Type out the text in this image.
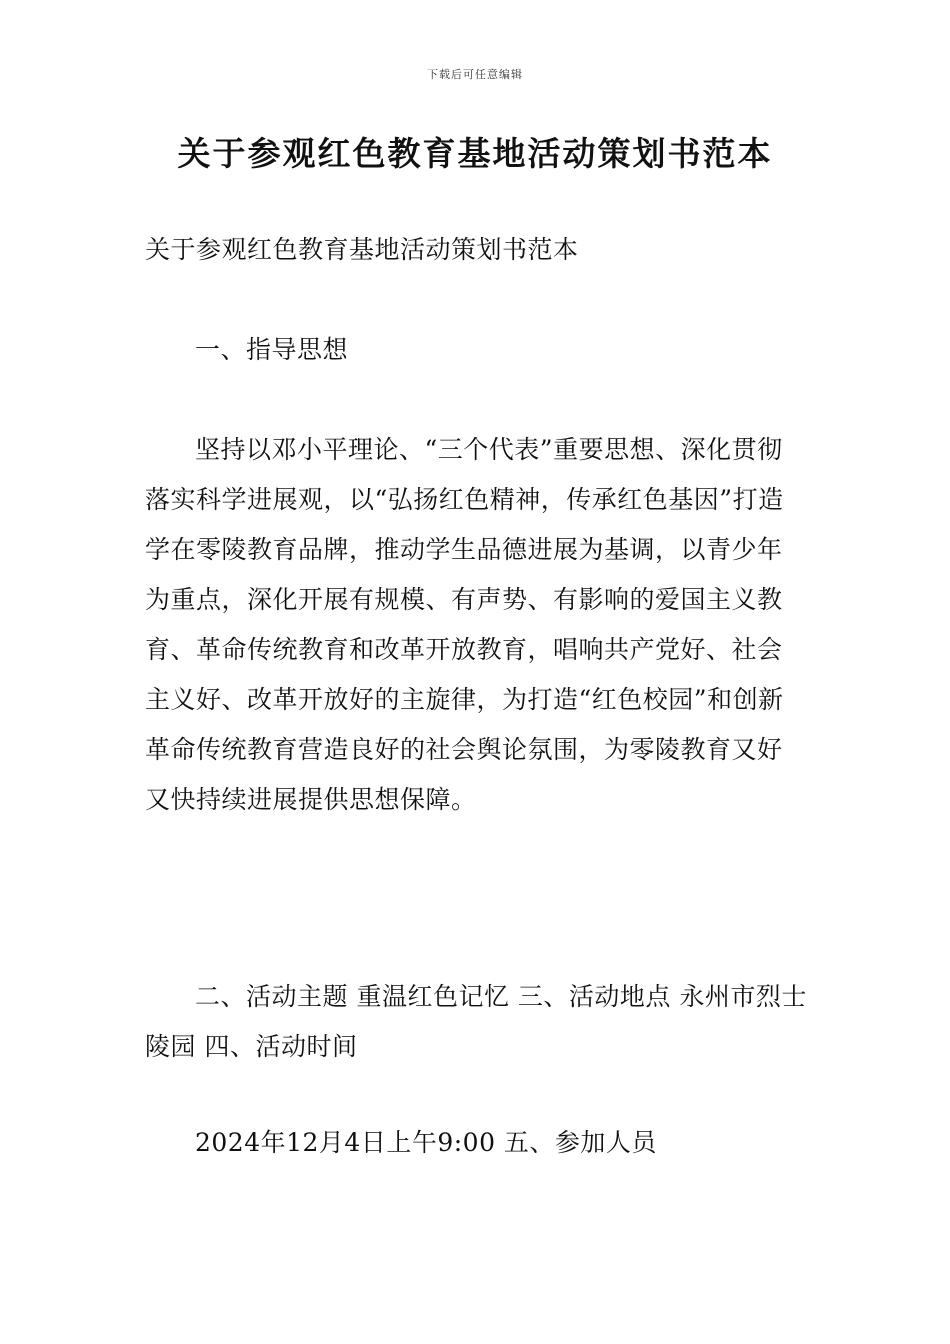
下载后可任意编辑
关于参观红色教育基地活动策划书范本

关于参观红色教育基地活动策划书范本

一、指导思想

坚持以邓小平理论、“三个代表”重要思想、深化贯彻落实科学进展观，以“弘扬红色精神，传承红色基因”打造学在零陵教育品牌，推动学生品德进展为基调，以青少年为重点，深化开展有规模、有声势、有影响的爱国主义教育、革命传统教育和改革开放教育，唱响共产党好、社会主义好、改革开放好的主旋律，为打造“红色校园”和创新革命传统教育营造良好的社会舆论氛围，为零陵教育又好又快持续进展提供思想保障。

二、活动主题 重温红色记忆 三、活动地点 永州市烈士陵园 四、活动时间

2024年12月4日上午9:00 五、参加人员
